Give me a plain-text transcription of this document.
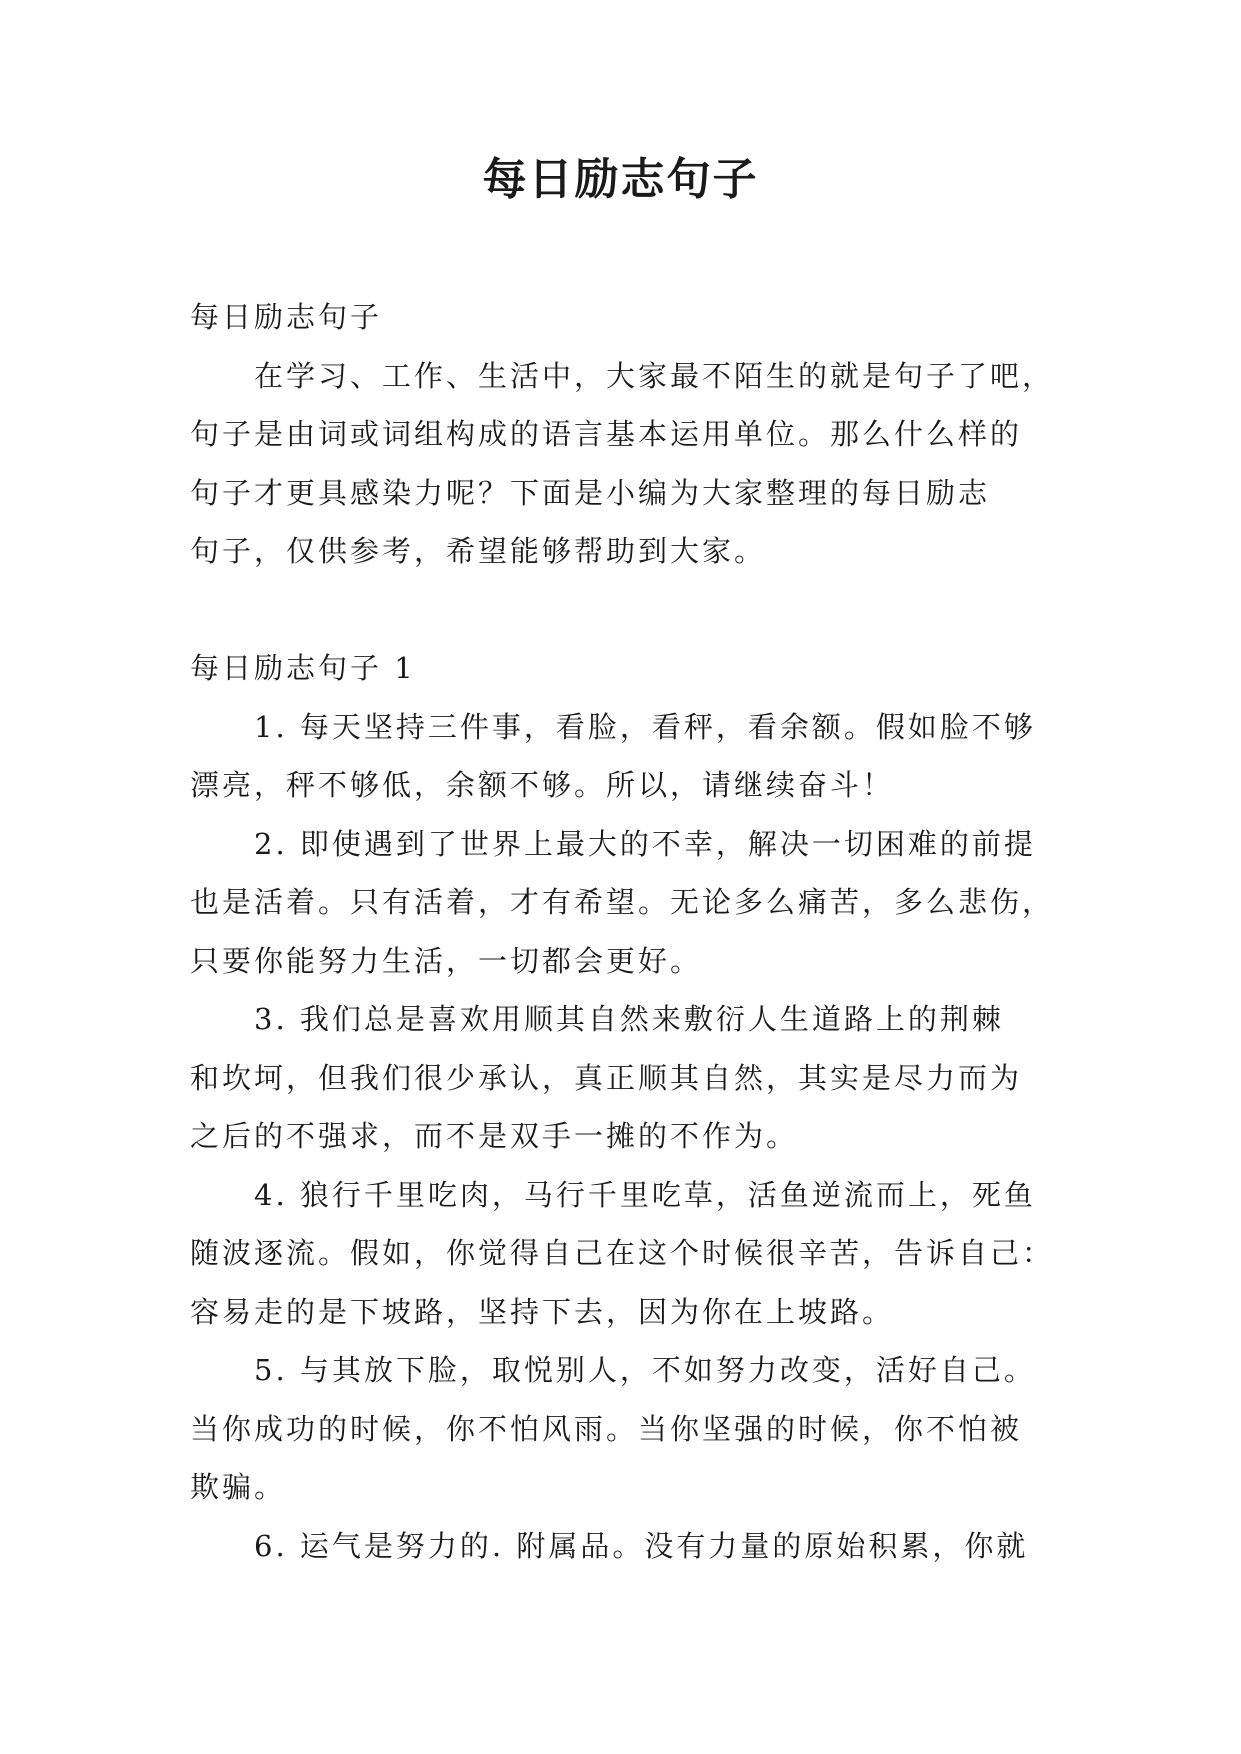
每日励志句子

每日励志句子

在学习、工作、生活中，大家最不陌生的就是句子了吧，

句子是由词或词组构成的语言基本运用单位。那么什么样的

句子才更具感染力呢？下面是小编为大家整理的每日励志

句子，仅供参考，希望能够帮助到大家。

每日励志句子 1

1. 每天坚持三件事，看脸，看秤，看余额。假如脸不够

漂亮，秤不够低，余额不够。所以，请继续奋斗！

2. 即使遇到了世界上最大的不幸，解决一切困难的前提

也是活着。只有活着，才有希望。无论多么痛苦，多么悲伤，

只要你能努力生活，一切都会更好。

3. 我们总是喜欢用顺其自然来敷衍人生道路上的荆棘

和坎坷，但我们很少承认，真正顺其自然，其实是尽力而为

之后的不强求，而不是双手一摊的不作为。

4. 狼行千里吃肉，马行千里吃草，活鱼逆流而上，死鱼

随波逐流。假如，你觉得自己在这个时候很辛苦，告诉自己：

容易走的是下坡路，坚持下去，因为你在上坡路。

5. 与其放下脸，取悦别人，不如努力改变，活好自己。

当你成功的时候，你不怕风雨。当你坚强的时候，你不怕被

欺骗。

6. 运气是努力的. 附属品。没有力量的原始积累，你就
